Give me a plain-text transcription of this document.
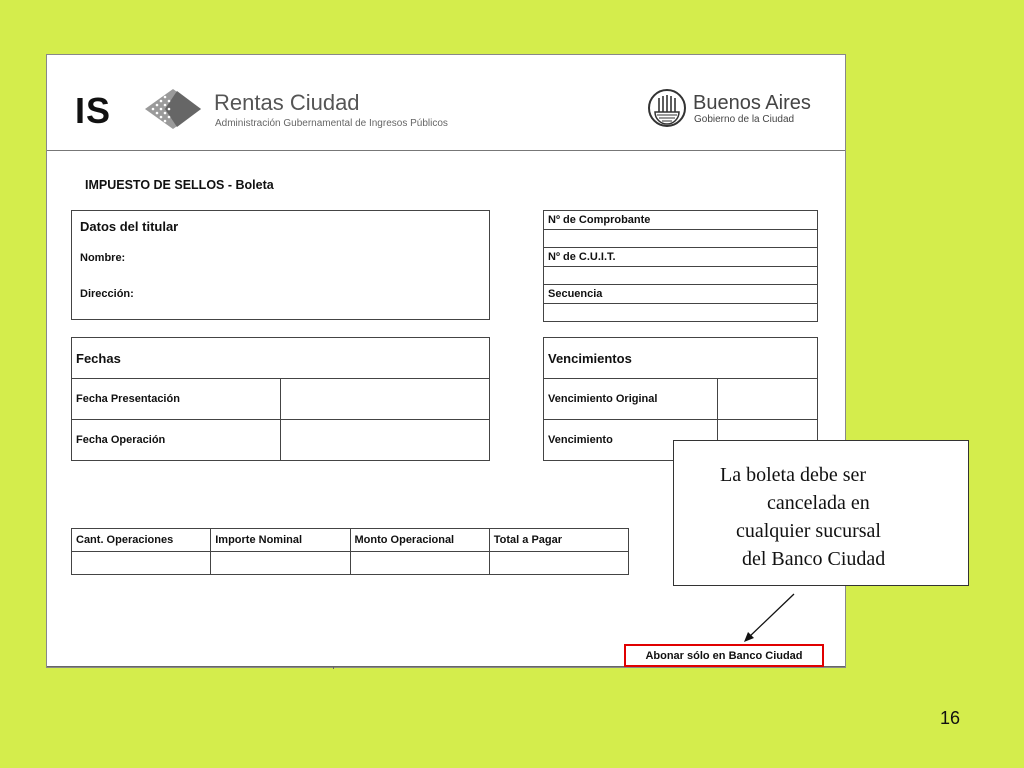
IS	Rentas Ciudad
Administración Gubernamental de Ingresos Públicos
Buenos Aires
Gobierno de la Ciudad
IMPUESTO DE SELLOS - Boleta
Datos del titular
Nombre:
Dirección:
Nº de Comprobante

Nº de C.U.I.T.

Secuencia

Fechas	
Fecha Presentación	
Fecha Operación	
Vencimientos	
Vencimiento Original	
Vencimiento	
Cant. Operaciones	Importe Nominal	Monto Operacional	Total a Pagar

Abonar sólo en Banco Ciudad
La boleta debe ser
cancelada en
cualquier sucursal
del Banco Ciudad
16
